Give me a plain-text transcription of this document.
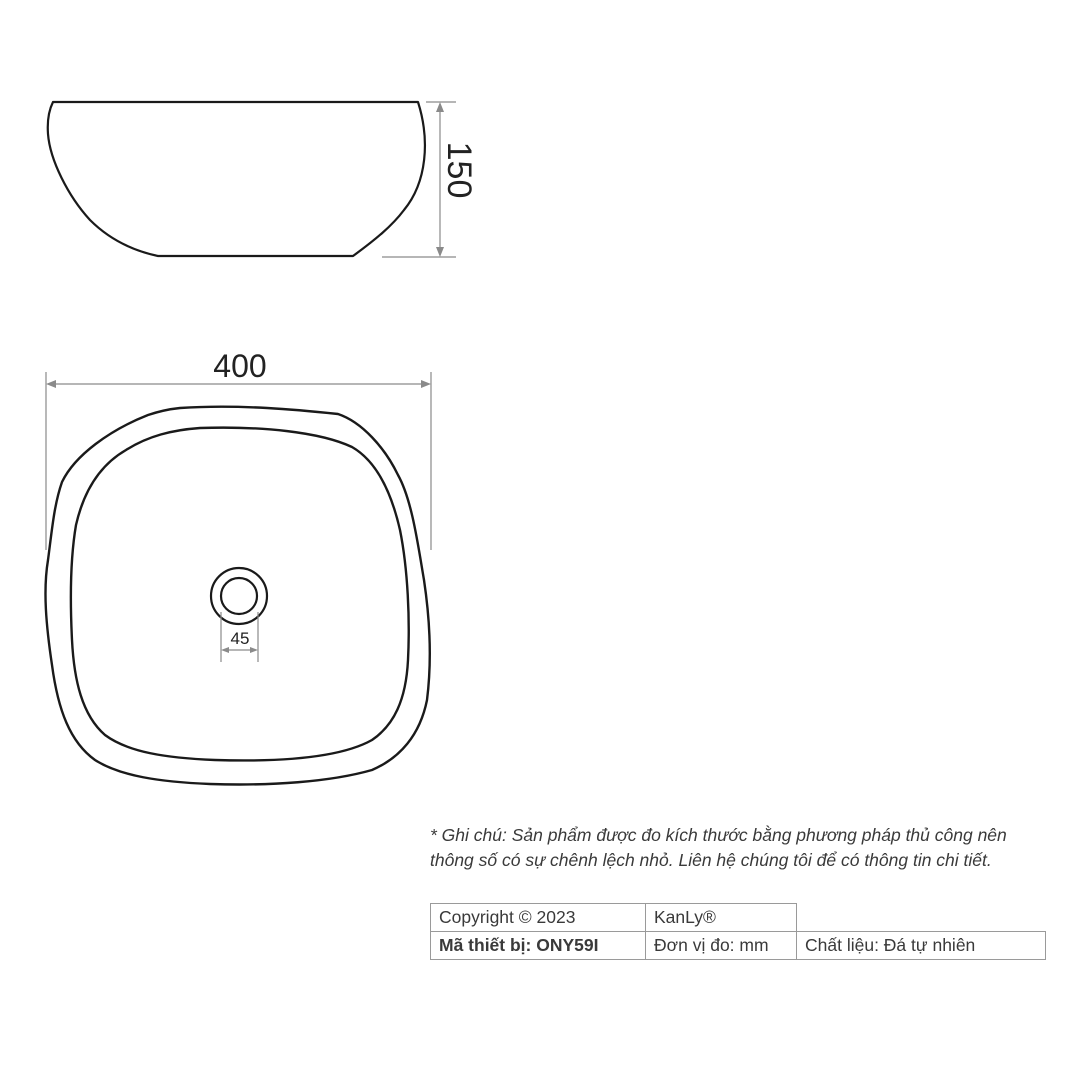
150
400
45
* Ghi chú: Sản phẩm được đo kích thước bằng phương pháp thủ công nên thông số có sự chênh lệch nhỏ. Liên hệ chúng tôi để có thông tin chi tiết.
Copyright © 2023	KanLy®	
Mã thiết bị: ONY59I	Đơn vị đo: mm	Chất liệu: Đá tự nhiên
